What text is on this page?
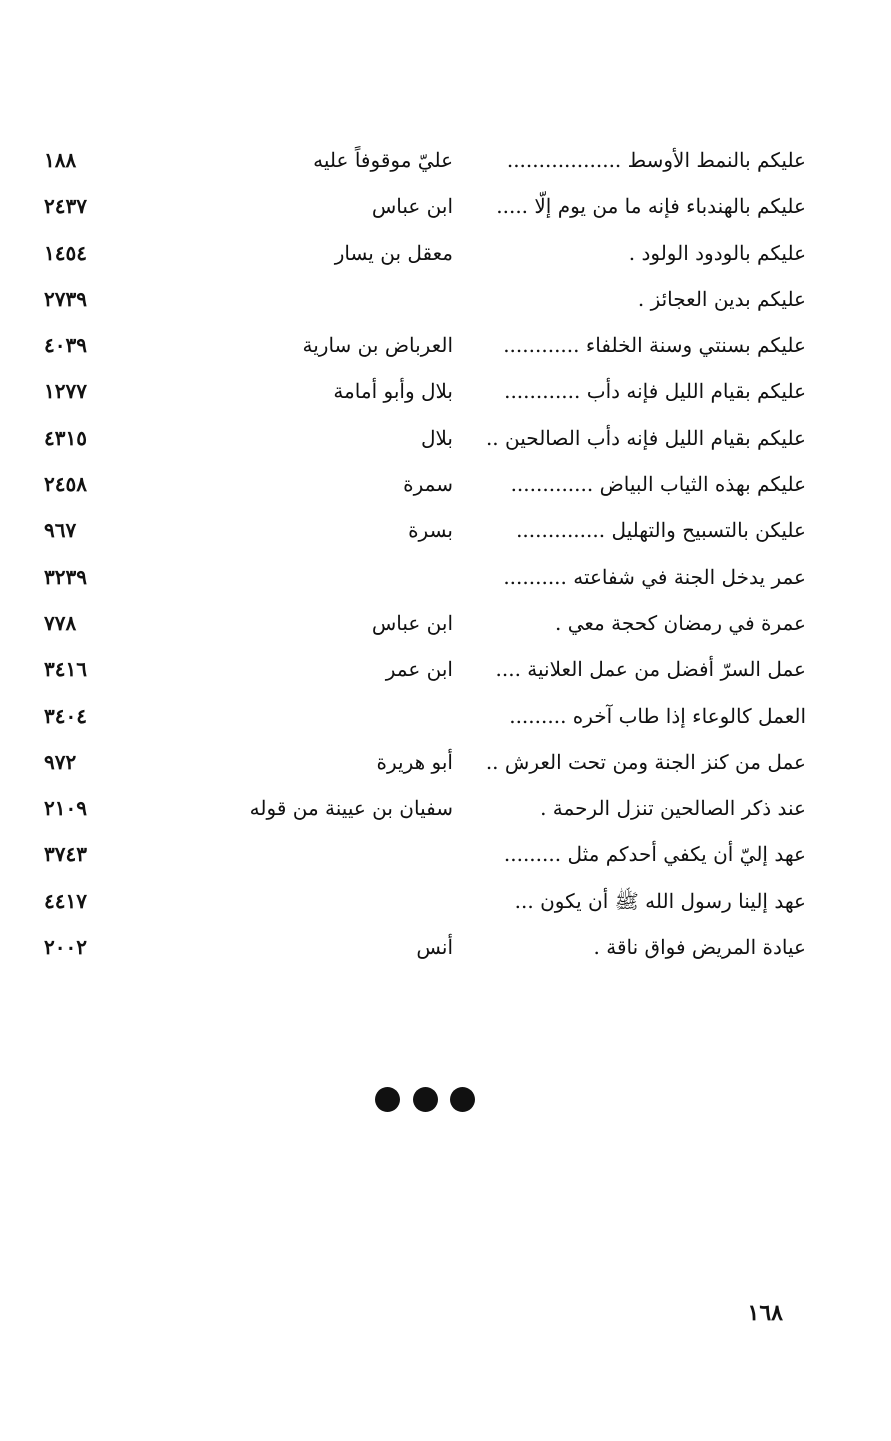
عليكم بالنمط الأوسط ..................
عليّ موقوفاً عليه
١٨٨
عليكم بالهندباء فإنه ما من يوم إلّا .....
ابن عباس
٢٤٣٧
عليكم بالودود الولود .
معقل بن يسار
١٤٥٤
عليكم بدين العجائز .
٢٧٣٩
عليكم بسنتي وسنة الخلفاء ............
العرباض بن سارية
٤٠٣٩
عليكم بقيام الليل فإنه دأب ............
بلال وأبو أمامة
١٢٧٧
عليكم بقيام الليل فإنه دأب الصالحين ..
بلال
٤٣١٥
عليكم بهذه الثياب البياض .............
سمرة
٢٤٥٨
عليكن بالتسبيح والتهليل ..............
بسرة
٩٦٧
عمر يدخل الجنة في شفاعته ..........
٣٢٣٩
عمرة في رمضان كحجة معي .
ابن عباس
٧٧٨
عمل السرّ أفضل من عمل العلانية ....
ابن عمر
٣٤١٦
العمل كالوعاء إذا طاب آخره .........
٣٤٠٤
عمل من كنز الجنة ومن تحت العرش ..
أبو هريرة
٩٧٢
عند ذكر الصالحين تنزل الرحمة .
سفيان بن عيينة من قوله
٢١٠٩
عهد إليّ أن يكفي أحدكم مثل .........
٣٧٤٣
عهد إلينا رسول الله ﷺ أن يكون ...
٤٤١٧
عيادة المريض فواق ناقة .
أنس
٢٠٠٢
١٦٨
